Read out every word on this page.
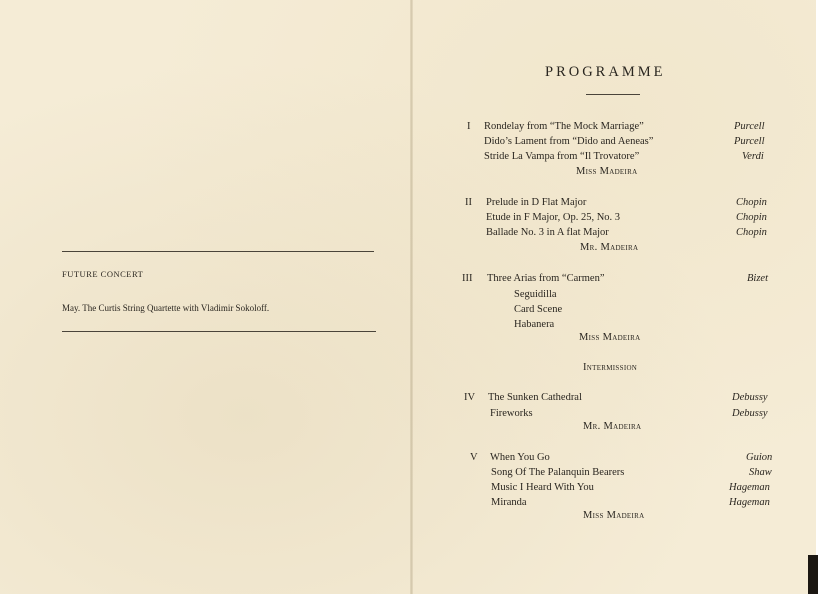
FUTURE CONCERT
May. The Curtis String Quartette with Vladimir Sokoloff.
PROGRAMME
I Rondelay from “The Mock Marriage”	Purcell
Dido’s Lament from “Dido and Aeneas”	Purcell
Stride La Vampa from “Il Trovatore”	Verdi
Miss Madeira
II Prelude in D Flat Major	Chopin
Etude in F Major, Op. 25, No. 3	Chopin
Ballade No. 3 in A flat Major	Chopin
Mr. Madeira
III Three Arias from “Carmen”	Bizet
Seguidilla
Card Scene
Habanera
Miss Madeira
Intermission
IV The Sunken Cathedral	Debussy
Fireworks	Debussy
Mr. Madeira
V When You Go	Guion
Song Of The Palanquin Bearers	Shaw
Music I Heard With You	Hageman
Miranda	Hageman
Miss Madeira
